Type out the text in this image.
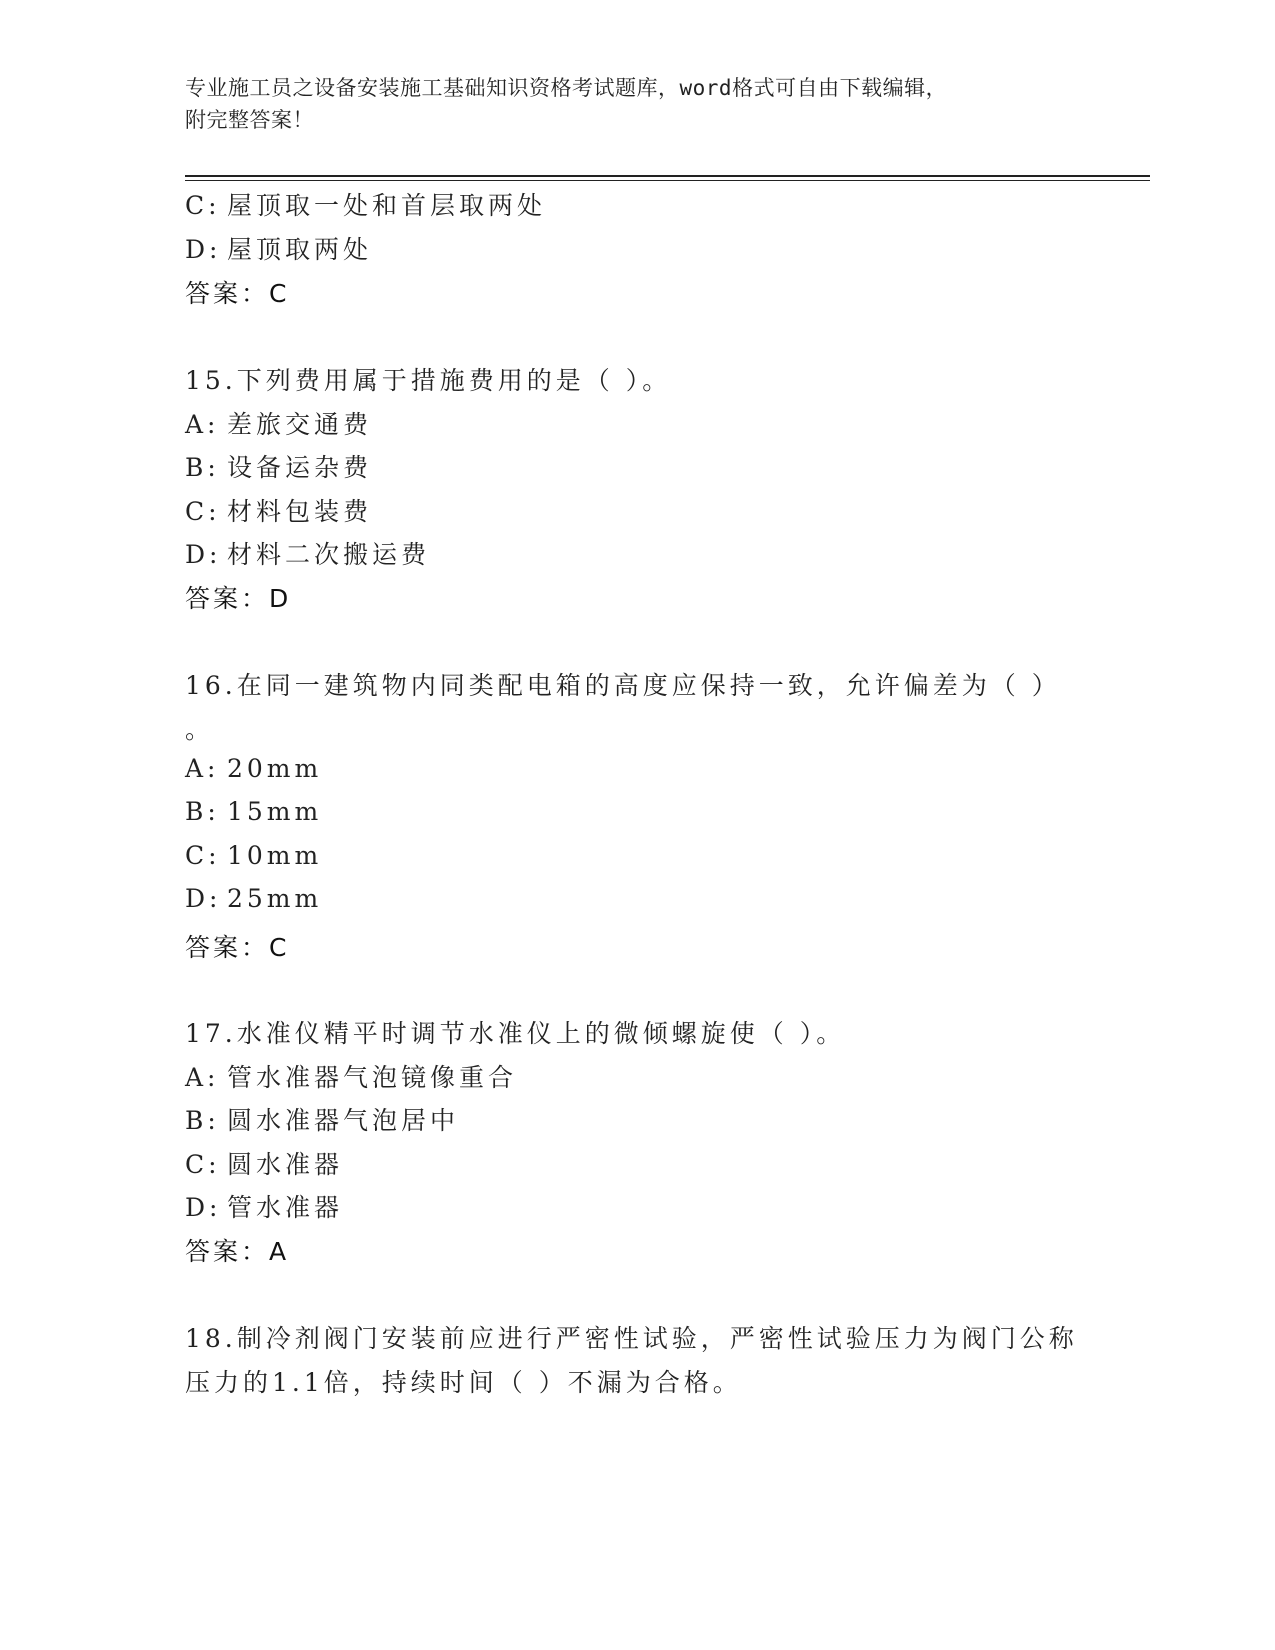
专业施工员之设备安装施工基础知识资格考试题库，word格式可自由下载编辑，
附完整答案！
C: 屋顶取一处和首层取两处
D: 屋顶取两处
答案：C
15.下列费用属于措施费用的是（ ）。
A: 差旅交通费
B: 设备运杂费
C: 材料包装费
D: 材料二次搬运费
答案：D
16.在同一建筑物内同类配电箱的高度应保持一致，允许偏差为（ ）
。
A: 20mm
B: 15mm
C: 10mm
D: 25mm
答案：C
17.水准仪精平时调节水准仪上的微倾螺旋使（ ）。
A: 管水准器气泡镜像重合
B: 圆水准器气泡居中
C: 圆水准器
D: 管水准器
答案：A
18.制冷剂阀门安装前应进行严密性试验，严密性试验压力为阀门公称
压力的1.1倍，持续时间（ ）不漏为合格。
